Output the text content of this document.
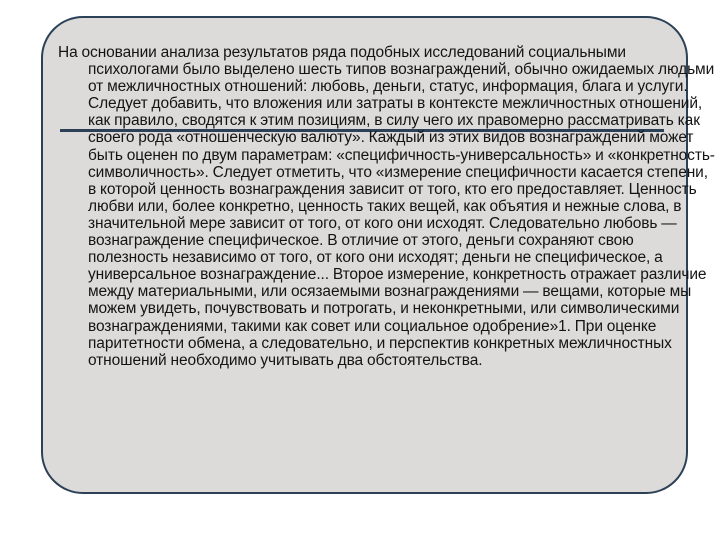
На основании анализа результатов ряда подобных исследований социальными психологами было выделено шесть типов вознаграждений, обычно ожидаемых людьми от межличностных отношений: любовь, деньги, статус, информация, блага и услуги. Следует добавить, что вложения или затраты в контексте межличностных отношений, как правило, сводятся к этим позициям, в силу чего их правомерно рассматривать как своего рода «отношенческую валюту». Каждый из этих видов вознаграждений может быть оценен по двум параметрам: «специфичность-универсальность» и «конкретность-символичность». Следует отметить, что «измерение специфичности касается степени, в которой ценность вознаграждения зависит от того, кто его предоставляет. Ценность любви или, более конкретно, ценность таких вещей, как объятия и нежные слова, в значительной мере зависит от того, от кого они исходят. Следовательно любовь — вознаграждение специфическое. В отличие от этого, деньги сохраняют свою полезность независимо от того, от кого они исходят; деньги не специфическое, а универсальное вознаграждение... Второе измерение, конкретность отражает различие между материальными, или осязаемыми вознаграждениями — вещами, которые мы можем увидеть, почувствовать и потрогать, и неконкретными, или символическими вознаграждениями, такими как совет или социальное одобрение»1. При оценке паритетности обмена, а следовательно, и перспектив конкретных межличностных отношений необходимо учитывать два обстоятельства.
